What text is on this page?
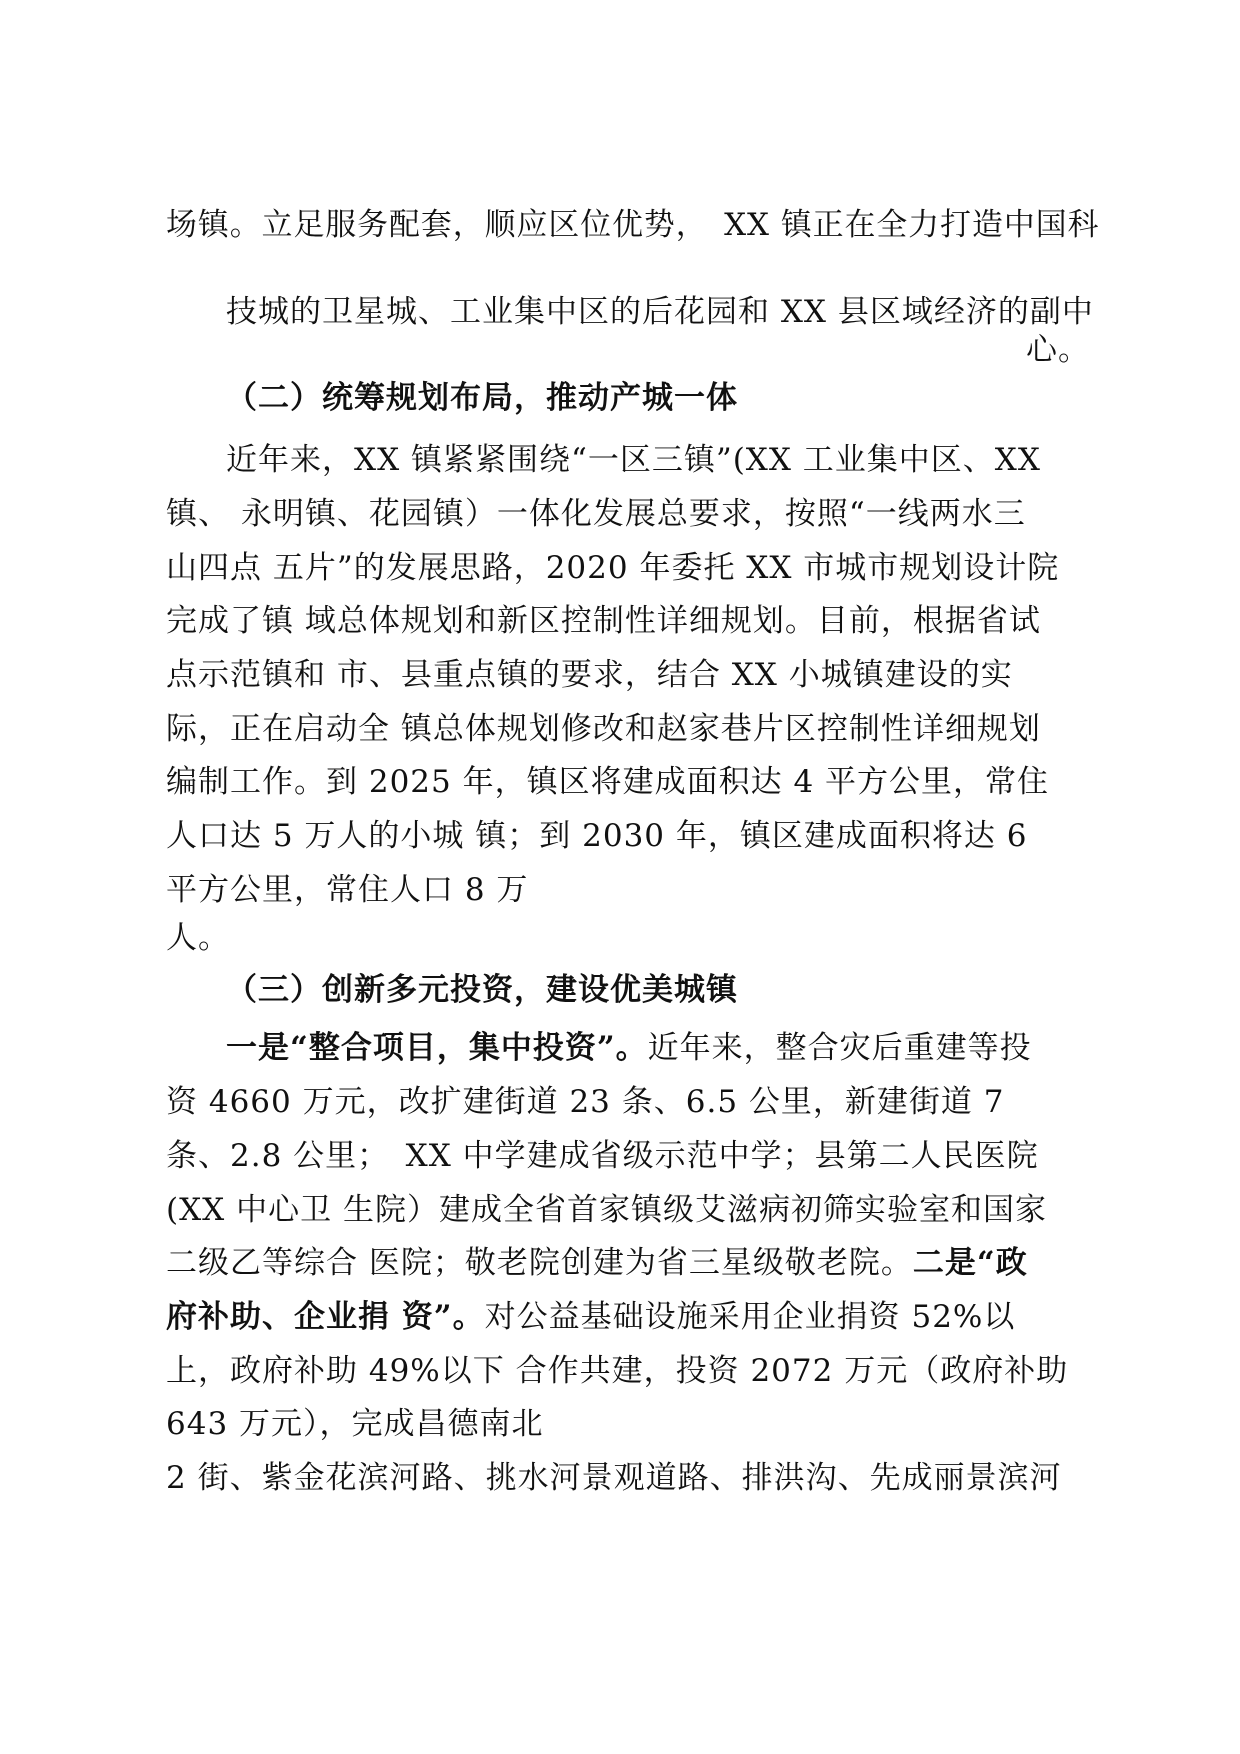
场镇。立足服务配套，顺应区位优势，　XX 镇正在全力打造中国科
技城的卫星城、工业集中区的后花园和 XX 县区域经济的副中
心。
（二）统筹规划布局，推动产城一体
近年来，XX 镇紧紧围绕“一区三镇”(XX 工业集中区、XX
镇、 永明镇、花园镇）一体化发展总要求，按照“一线两水三
山四点 五片”的发展思路，2020 年委托 XX 市城市规划设计院
完成了镇 域总体规划和新区控制性详细规划。目前，根据省试
点示范镇和 市、县重点镇的要求，结合 XX 小城镇建设的实
际，正在启动全 镇总体规划修改和赵家巷片区控制性详细规划
编制工作。到 2025 年，镇区将建成面积达 4 平方公里，常住
人口达 5 万人的小城 镇；到 2030 年，镇区建成面积将达 6
平方公里，常住人口 8 万
人。
（三）创新多元投资，建设优美城镇
一是“整合项目，集中投资”。近年来，整合灾后重建等投
资 4660 万元，改扩建街道 23 条、6.5 公里，新建街道 7
条、2.8 公里；　XX 中学建成省级示范中学；县第二人民医院
(XX 中心卫 生院）建成全省首家镇级艾滋病初筛实验室和国家
二级乙等综合 医院；敬老院创建为省三星级敬老院。二是“政
府补助、企业捐 资”。对公益基础设施采用企业捐资 52%以
上，政府补助 49%以下 合作共建，投资 2072 万元（政府补助
643 万元），完成昌德南北
2 街、紫金花滨河路、挑水河景观道路、排洪沟、先成丽景滨河
